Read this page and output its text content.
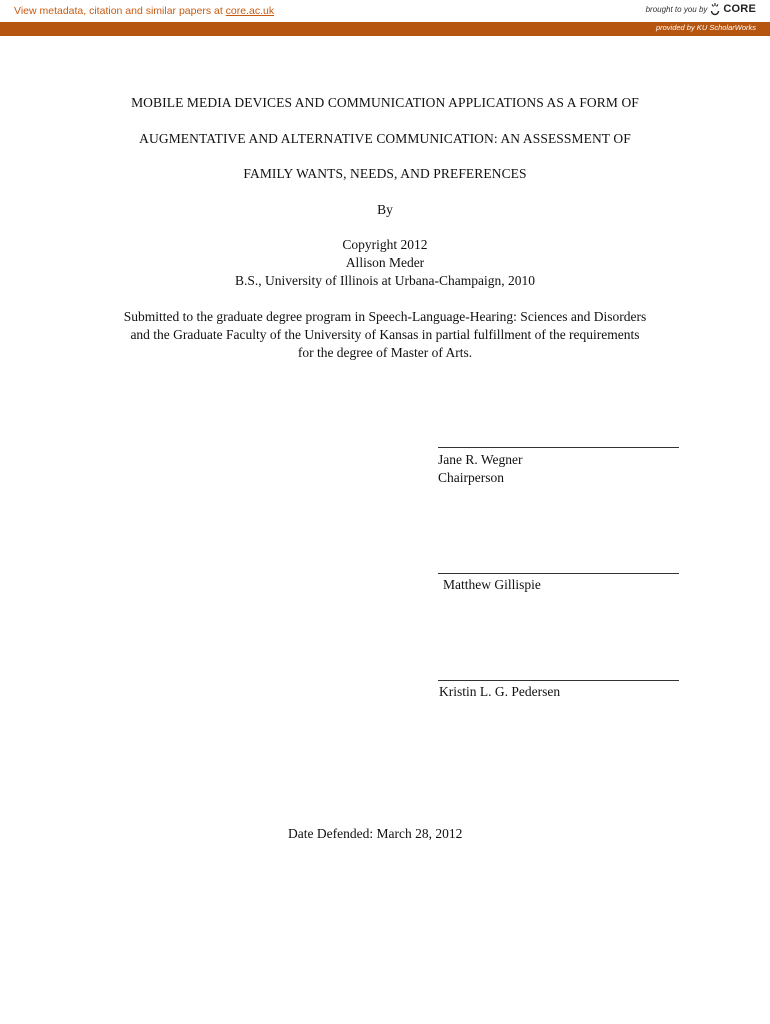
View metadata, citation and similar papers at core.ac.uk	brought to you by CORE
provided by KU ScholarWorks
MOBILE MEDIA DEVICES AND COMMUNICATION APPLICATIONS AS A FORM OF
AUGMENTATIVE AND ALTERNATIVE COMMUNICATION: AN ASSESSMENT OF
FAMILY WANTS, NEEDS, AND PREFERENCES
By
Copyright 2012
Allison Meder
B.S., University of Illinois at Urbana-Champaign, 2010
Submitted to the graduate degree program in Speech-Language-Hearing: Sciences and Disorders
and the Graduate Faculty of the University of Kansas in partial fulfillment of the requirements
for the degree of Master of Arts.
Jane R. Wegner
Chairperson
Matthew Gillispie
Kristin L. G. Pedersen
Date Defended: March 28, 2012
